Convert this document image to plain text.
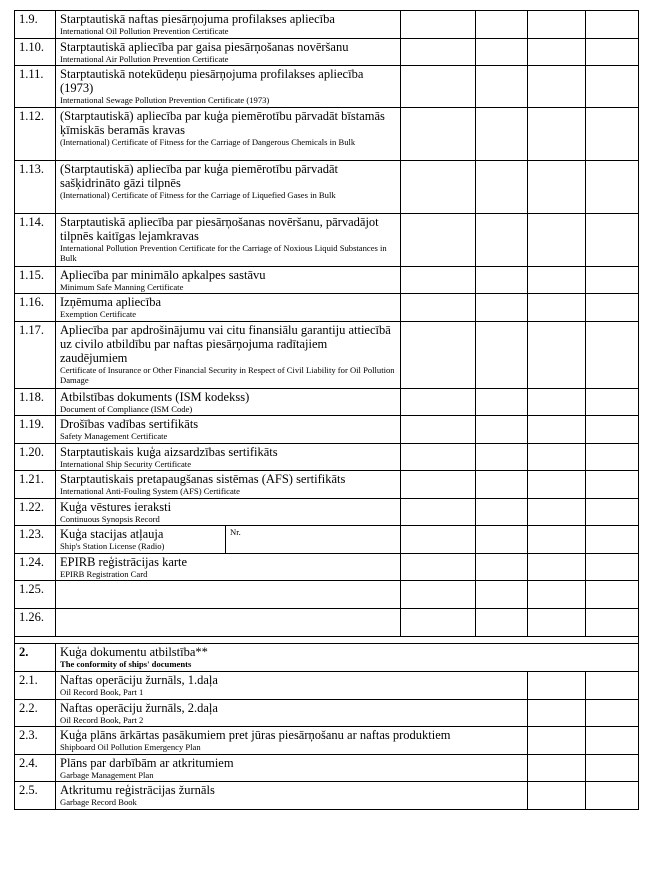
1.9.	Starptautiskā naftas piesārņojuma profilakses apliecība
International Oil Pollution Prevention Certificate					

1.10.	Starptautiskā apliecība par gaisa piesārņošanas novēršanu
International Air Pollution Prevention Certificate					

1.11.	Starptautiskā notekūdeņu piesārņojuma profilakses apliecība (1973)
International Sewage Pollution Prevention Certificate (1973)					

1.12.	(Starptautiskā) apliecība par kuģa piemērotību pārvadāt bīstamās ķīmiskās beramās kravas
(International) Certificate of Fitness for the Carriage of Dangerous Chemicals in Bulk					

1.13.	(Starptautiskā) apliecība par kuģa piemērotību pārvadāt sašķidrināto gāzi tilpnēs
(International) Certificate of Fitness for the Carriage of Liquefied Gases in Bulk					

1.14.	Starptautiskā apliecība par piesārņošanas novēršanu, pārvadājot tilpnēs kaitīgas lejamkravas
International Pollution Prevention Certificate for the Carriage of Noxious Liquid Substances in Bulk					

1.15.	Apliecība par minimālo apkalpes sastāvu
Minimum Safe Manning Certificate					

1.16.	Izņēmuma apliecība
Exemption Certificate					

1.17.	Apliecība par apdrošinājumu vai citu finansiālu garantiju attiecībā uz civilo atbildību par naftas piesārņojuma radītajiem zaudējumiem
Certificate of Insurance or Other Financial Security in Respect of Civil Liability for Oil Pollution Damage					

1.18.	Atbilstības dokuments (ISM kodekss)
Document of Compliance (ISM Code)					

1.19.	Drošības vadības sertifikāts
Safety Management Certificate					

1.20.	Starptautiskais kuģa aizsardzības sertifikāts
International Ship Security Certificate					

1.21.	Starptautiskais pretapaugšanas sistēmas (AFS) sertifikāts
International Anti-Fouling System (AFS) Certificate					

1.22.	Kuģa vēstures ieraksti
Continuous Synopsis Record					

1.23.	Kuģa stacijas atļauja
Ship's Station License (Radio)	Nr.				
1.24.	EPIRB reģistrācijas karte
EPIRB Registration Card					

1.25.						
1.26.						

2.	Kuģa dokumentu atbilstība**
The conformity of ships' documents					

2.1.	Naftas operāciju žurnāls, 1.daļa
Oil Record Book, Part 1					

2.2.	Naftas operāciju žurnāls, 2.daļa
Oil Record Book, Part 2					

2.3.	Kuģa plāns ārkārtas pasākumiem pret jūras piesārņošanu ar naftas produktiem
Shipboard Oil Pollution Emergency Plan					

2.4.	Plāns par darbībām ar atkritumiem
Garbage Management Plan					

2.5.	Atkritumu reģistrācijas žurnāls
Garbage Record Book					
